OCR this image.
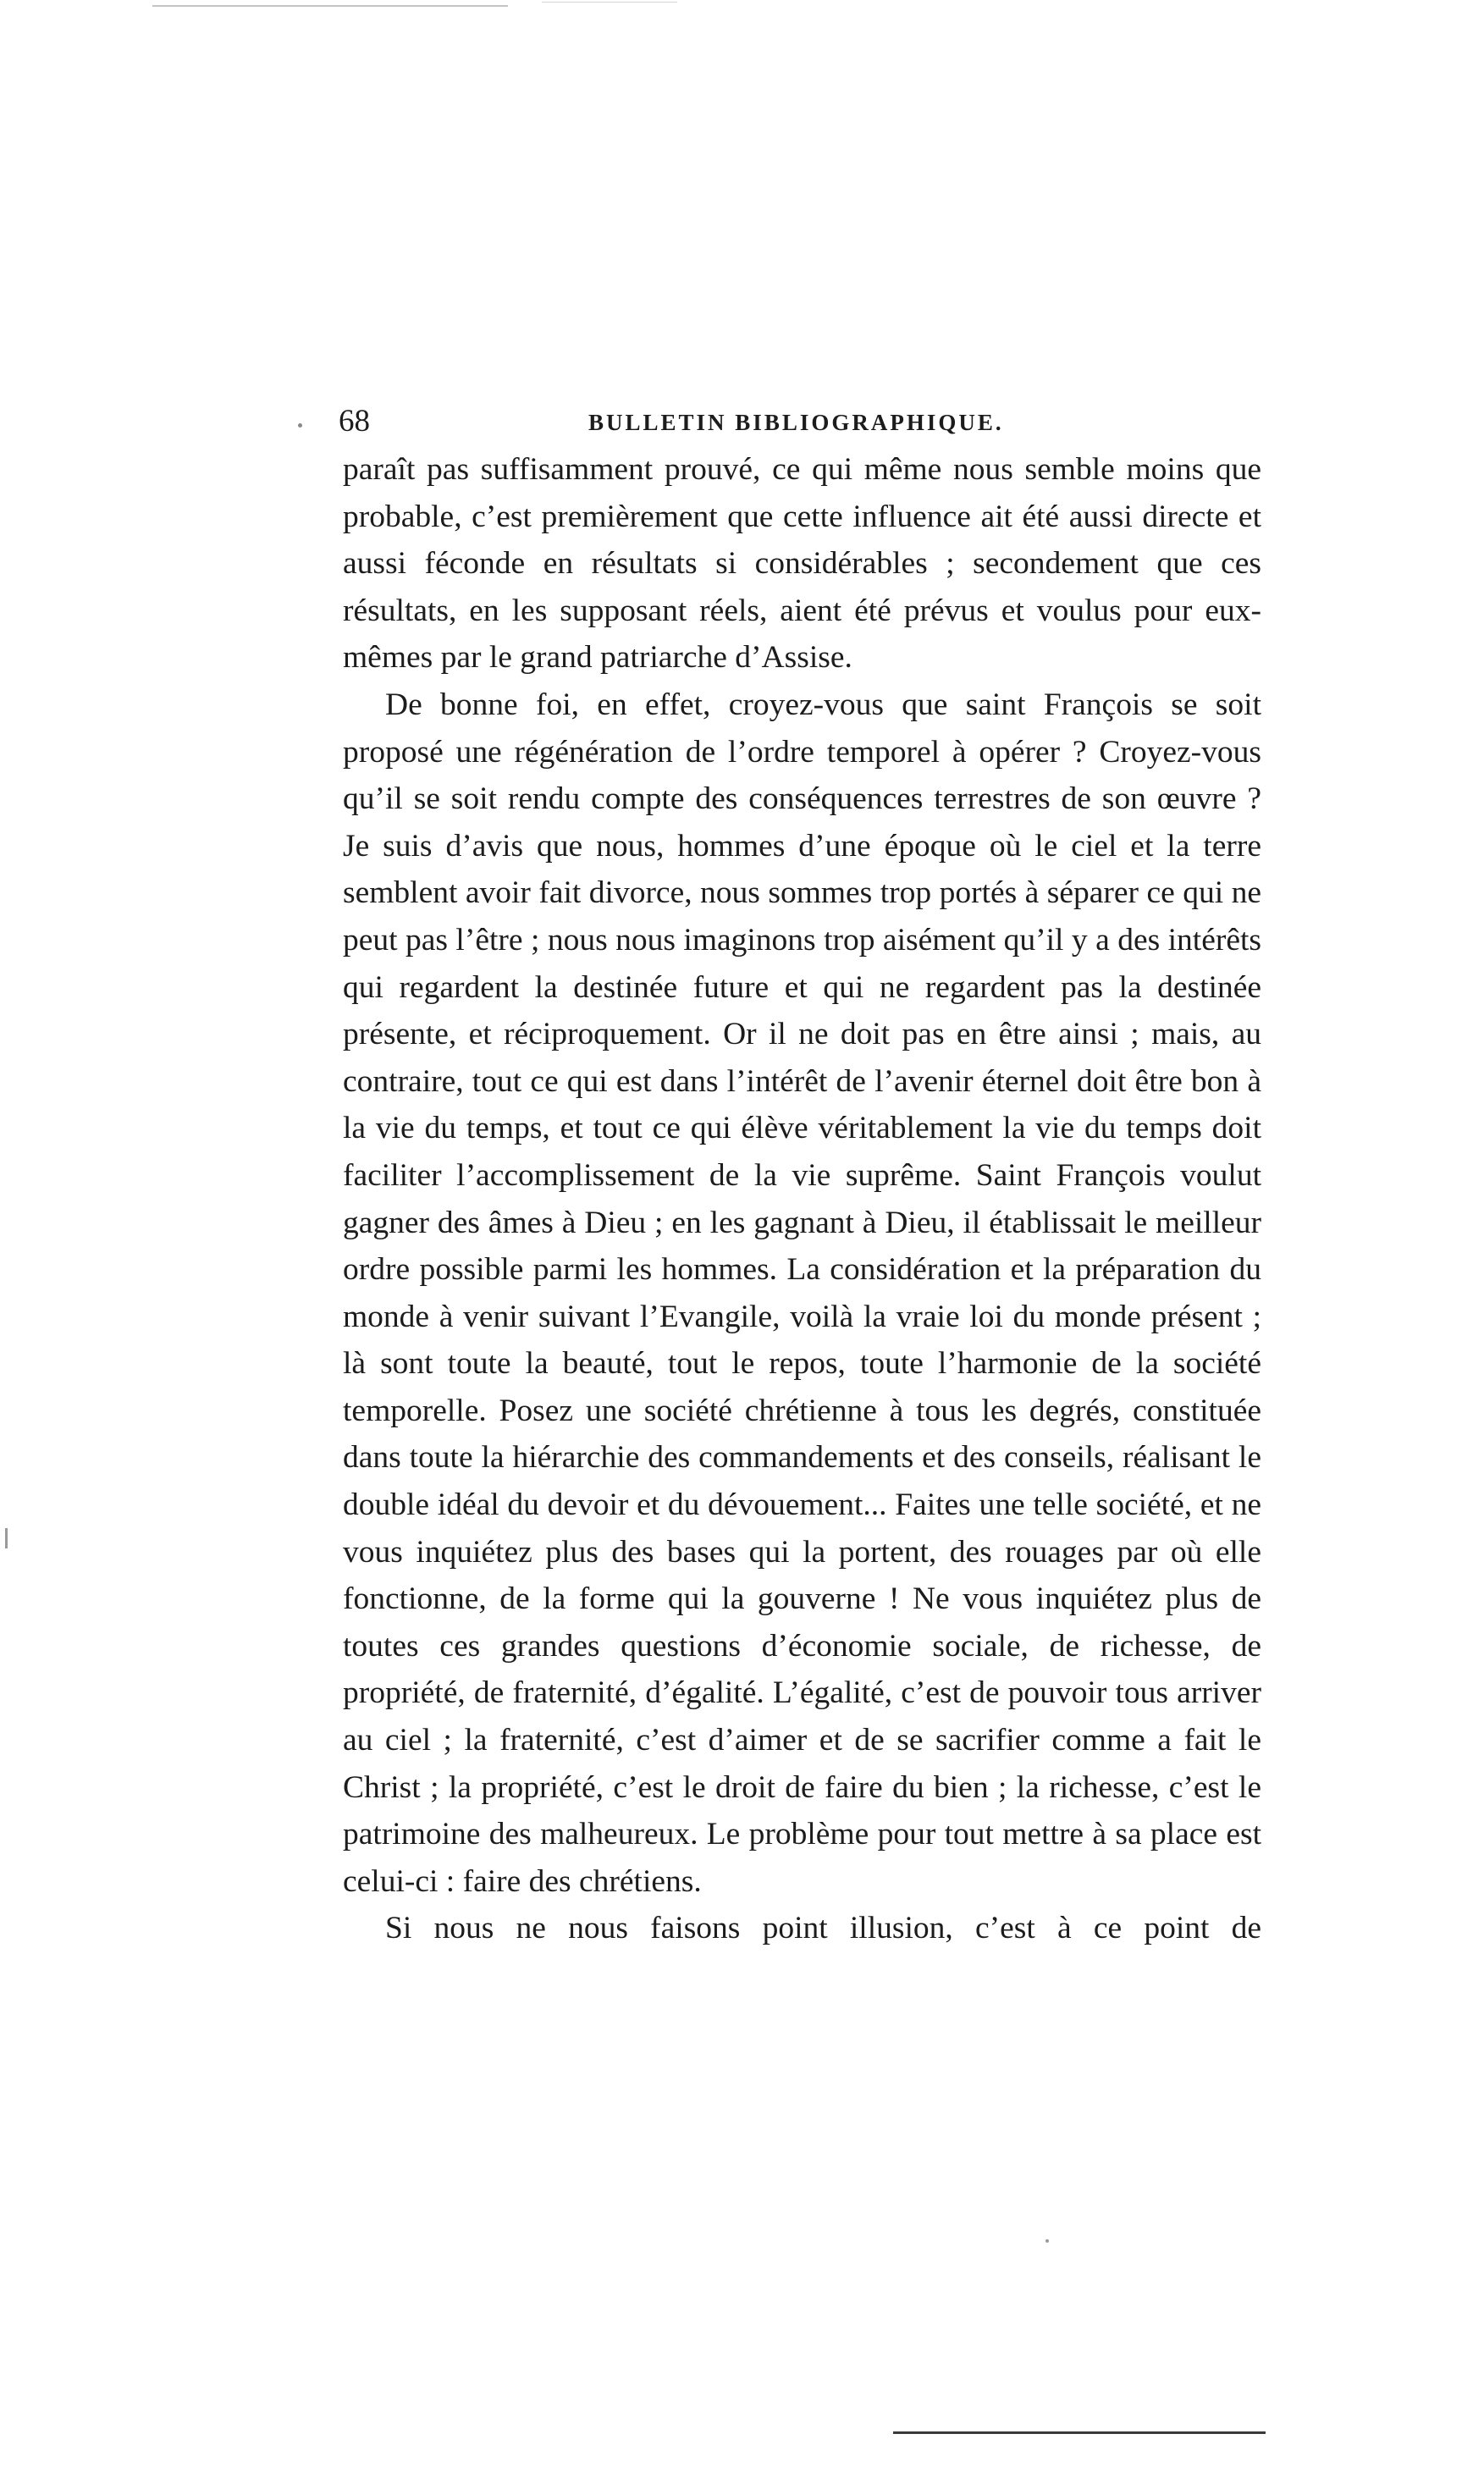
68	BULLETIN BIBLIOGRAPHIQUE.

paraît pas suffisamment prouvé, ce qui même nous semble moins que probable, c’est premièrement que cette influence ait été aussi directe et aussi féconde en résultats si considérables ; secondement que ces résultats, en les supposant réels, aient été prévus et voulus pour eux-mêmes par le grand patriarche d’Assise.

De bonne foi, en effet, croyez-vous que saint François se soit proposé une régénération de l’ordre temporel à opérer ? Croyez-vous qu’il se soit rendu compte des conséquences terrestres de son œuvre ? Je suis d’avis que nous, hommes d’une époque où le ciel et la terre semblent avoir fait divorce, nous sommes trop portés à séparer ce qui ne peut pas l’être ; nous nous imaginons trop aisément qu’il y a des intérêts qui regardent la destinée future et qui ne regardent pas la destinée présente, et réciproquement. Or il ne doit pas en être ainsi ; mais, au contraire, tout ce qui est dans l’intérêt de l’avenir éternel doit être bon à la vie du temps, et tout ce qui élève véritablement la vie du temps doit faciliter l’accomplissement de la vie suprême. Saint François voulut gagner des âmes à Dieu ; en les gagnant à Dieu, il établissait le meilleur ordre possible parmi les hommes. La considération et la préparation du monde à venir suivant l’Evangile, voilà la vraie loi du monde présent ; là sont toute la beauté, tout le repos, toute l’harmonie de la société temporelle. Posez une société chrétienne à tous les degrés, constituée dans toute la hiérarchie des commandements et des conseils, réalisant le double idéal du devoir et du dévouement... Faites une telle société, et ne vous inquiétez plus des bases qui la portent, des rouages par où elle fonctionne, de la forme qui la gouverne ! Ne vous inquiétez plus de toutes ces grandes questions d’économie sociale, de richesse, de propriété, de fraternité, d’égalité. L’égalité, c’est de pouvoir tous arriver au ciel ; la fraternité, c’est d’aimer et de se sacrifier comme a fait le Christ ; la propriété, c’est le droit de faire du bien ; la richesse, c’est le patrimoine des malheureux. Le problème pour tout mettre à sa place est celui-ci : faire des chrétiens.

Si nous ne nous faisons point illusion, c’est à ce point de
